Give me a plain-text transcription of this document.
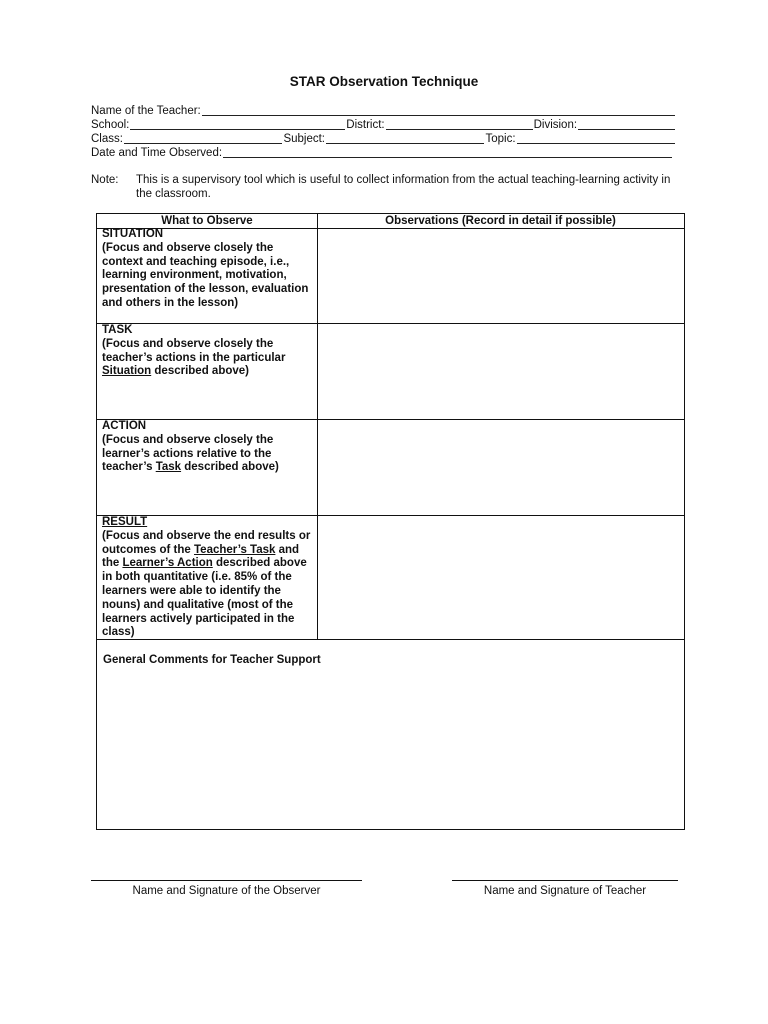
STAR Observation Technique
Name of the Teacher:
School:	District:	Division:
Class:	Subject:	Topic:
Date and Time Observed:
Note:	This is a supervisory tool which is useful to collect information from the actual teaching-learning activity in the classroom.
What to Observe	Observations (Record in detail if possible)
SITUATION
(Focus and observe closely the context and teaching episode, i.e., learning environment, motivation, presentation of the lesson, evaluation and others in the lesson)
TASK
(Focus and observe closely the teacher’s actions in the particular Situation described above)
ACTION
(Focus and observe closely the learner’s actions relative to the teacher’s Task described above)
RESULT
(Focus and observe the end results or outcomes of the Teacher’s Task and the Learner’s Action described above in both quantitative (i.e. 85% of the learners were able to identify the nouns) and qualitative (most of the learners actively participated in the class)
General Comments for Teacher Support
Name and Signature of the Observer	Name and Signature of Teacher
